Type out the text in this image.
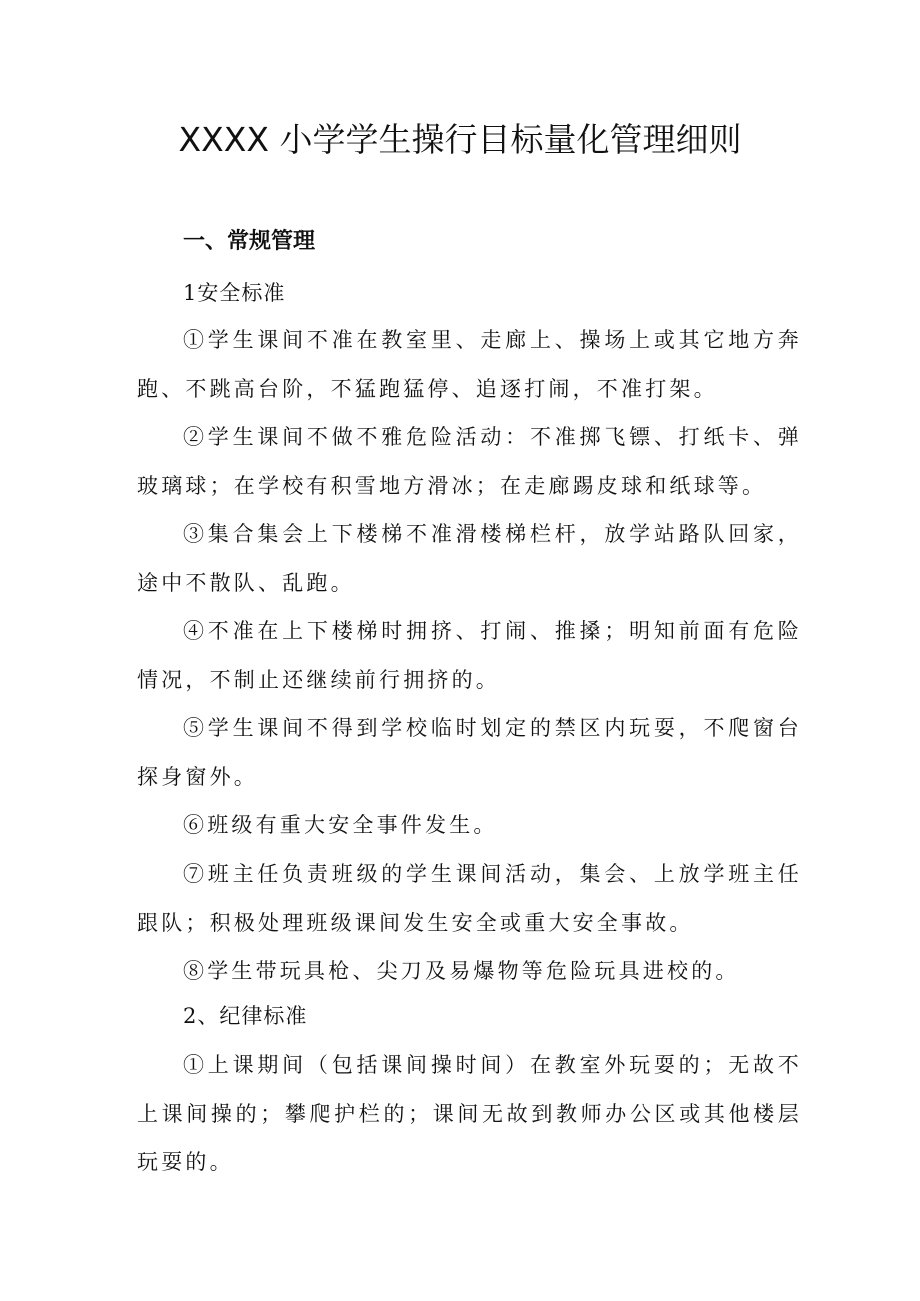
XXXX 小学学生操行目标量化管理细则
一、常规管理
1安全标准
①学生课间不准在教室里、走廊上、操场上或其它地方奔跑、不跳高台阶，不猛跑猛停、追逐打闹，不准打架。
②学生课间不做不雅危险活动：不准掷飞镖、打纸卡、弹玻璃球；在学校有积雪地方滑冰；在走廊踢皮球和纸球等。
③集合集会上下楼梯不准滑楼梯栏杆，放学站路队回家，途中不散队、乱跑。
④不准在上下楼梯时拥挤、打闹、推搡；明知前面有危险情况，不制止还继续前行拥挤的。
⑤学生课间不得到学校临时划定的禁区内玩耍，不爬窗台探身窗外。
⑥班级有重大安全事件发生。
⑦班主任负责班级的学生课间活动，集会、上放学班主任跟队；积极处理班级课间发生安全或重大安全事故。
⑧学生带玩具枪、尖刀及易爆物等危险玩具进校的。
2、纪律标准
①上课期间（包括课间操时间）在教室外玩耍的；无故不上课间操的；攀爬护栏的；课间无故到教师办公区或其他楼层玩耍的。
